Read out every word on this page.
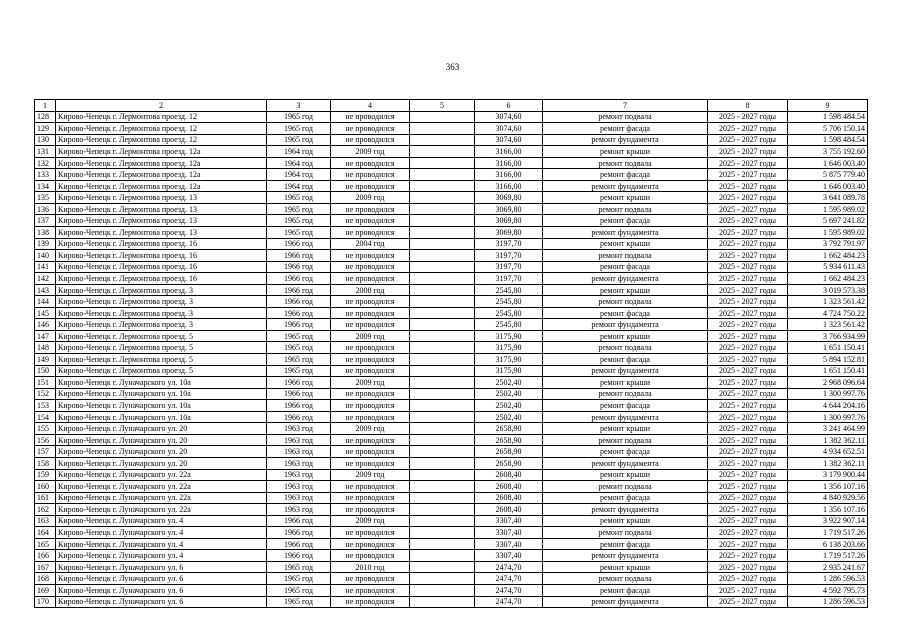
363
1	2	3	4	5	6	7	8	9
128	Кирово-Чепецк г. Лермонтова проезд. 12	1965 год	не проводился		3074,60	ремонт подвала	2025 - 2027 годы	1 598 484.54
129	Кирово-Чепецк г. Лермонтова проезд. 12	1965 год	не проводился		3074,60	ремонт фасада	2025 - 2027 годы	5 706 150.14
130	Кирово-Чепецк г. Лермонтова проезд. 12	1965 год	не проводился		3074,60	ремонт фундамента	2025 - 2027 годы	1 598 484.54
131	Кирово-Чепецк г. Лермонтова проезд. 12а	1964 год	2009 год		3166,00	ремонт крыши	2025 - 2027 годы	3 755 192.60
132	Кирово-Чепецк г. Лермонтова проезд. 12а	1964 год	не проводился		3166,00	ремонт подвала	2025 - 2027 годы	1 646 003.40
133	Кирово-Чепецк г. Лермонтова проезд. 12а	1964 год	не проводился		3166,00	ремонт фасада	2025 - 2027 годы	5 875 779.40
134	Кирово-Чепецк г. Лермонтова проезд. 12а	1964 год	не проводился		3166,00	ремонт фундамента	2025 - 2027 годы	1 646 003.40
135	Кирово-Чепецк г. Лермонтова проезд. 13	1965 год	2009 год		3069,80	ремонт крыши	2025 - 2027 годы	3 641 089.78
136	Кирово-Чепецк г. Лермонтова проезд. 13	1965 год	не проводился		3069,80	ремонт подвала	2025 - 2027 годы	1 595 989.02
137	Кирово-Чепецк г. Лермонтова проезд. 13	1965 год	не проводился		3069,80	ремонт фасада	2025 - 2027 годы	5 697 241.82
138	Кирово-Чепецк г. Лермонтова проезд. 13	1965 год	не проводился		3069,80	ремонт фундамента	2025 - 2027 годы	1 595 989.02
139	Кирово-Чепецк г. Лермонтова проезд. 16	1966 год	2004 год		3197,70	ремонт крыши	2025 - 2027 годы	3 792 791.97
140	Кирово-Чепецк г. Лермонтова проезд. 16	1966 год	не проводился		3197,70	ремонт подвала	2025 - 2027 годы	1 662 484.23
141	Кирово-Чепецк г. Лермонтова проезд. 16	1966 год	не проводился		3197,70	ремонт фасада	2025 - 2027 годы	5 934 611.43
142	Кирово-Чепецк г. Лермонтова проезд. 16	1966 год	не проводился		3197,70	ремонт фундамента	2025 - 2027 годы	1 662 484.23
143	Кирово-Чепецк г. Лермонтова проезд. 3	1966 год	2008 год		2545,80	ремонт крыши	2025 - 2027 годы	3 019 573.38
144	Кирово-Чепецк г. Лермонтова проезд. 3	1966 год	не проводился		2545,80	ремонт подвала	2025 - 2027 годы	1 323 561.42
145	Кирово-Чепецк г. Лермонтова проезд. 3	1966 год	не проводился		2545,80	ремонт фасада	2025 - 2027 годы	4 724 750.22
146	Кирово-Чепецк г. Лермонтова проезд. 3	1966 год	не проводился		2545,80	ремонт фундамента	2025 - 2027 годы	1 323 561.42
147	Кирово-Чепецк г. Лермонтова проезд. 5	1965 год	2009 год		3175,90	ремонт крыши	2025 - 2027 годы	3 766 934.99
148	Кирово-Чепецк г. Лермонтова проезд. 5	1965 год	не проводился		3175,90	ремонт подвала	2025 - 2027 годы	1 651 150.41
149	Кирово-Чепецк г. Лермонтова проезд. 5	1965 год	не проводился		3175,90	ремонт фасада	2025 - 2027 годы	5 894 152.81
150	Кирово-Чепецк г. Лермонтова проезд. 5	1965 год	не проводился		3175,90	ремонт фундамента	2025 - 2027 годы	1 651 150.41
151	Кирово-Чепецк г. Луначарского ул. 10а	1966 год	2009 год		2502,40	ремонт крыши	2025 - 2027 годы	2 968 096.64
152	Кирово-Чепецк г. Луначарского ул. 10а	1966 год	не проводился		2502,40	ремонт подвала	2025 - 2027 годы	1 300 997.76
153	Кирово-Чепецк г. Луначарского ул. 10а	1966 год	не проводился		2502,40	ремонт фасада	2025 - 2027 годы	4 644 204.16
154	Кирово-Чепецк г. Луначарского ул. 10а	1966 год	не проводился		2502,40	ремонт фундамента	2025 - 2027 годы	1 300 997.76
155	Кирово-Чепецк г. Луначарского ул. 20	1963 год	2009 год		2658,90	ремонт крыши	2025 - 2027 годы	3 241 464.99
156	Кирово-Чепецк г. Луначарского ул. 20	1963 год	не проводился		2658,90	ремонт подвала	2025 - 2027 годы	1 382 362.11
157	Кирово-Чепецк г. Луначарского ул. 20	1963 год	не проводился		2658,90	ремонт фасада	2025 - 2027 годы	4 934 652.51
158	Кирово-Чепецк г. Луначарского ул. 20	1963 год	не проводился		2658,90	ремонт фундамента	2025 - 2027 годы	1 382 362.11
159	Кирово-Чепецк г. Луначарского ул. 22а	1963 год	2009 год		2608,40	ремонт крыши	2025 - 2027 годы	3 179 900.44
160	Кирово-Чепецк г. Луначарского ул. 22а	1963 год	не проводился		2608,40	ремонт подвала	2025 - 2027 годы	1 356 107.16
161	Кирово-Чепецк г. Луначарского ул. 22а	1963 год	не проводился		2608,40	ремонт фасада	2025 - 2027 годы	4 840 929.56
162	Кирово-Чепецк г. Луначарского ул. 22а	1963 год	не проводился		2608,40	ремонт фундамента	2025 - 2027 годы	1 356 107.16
163	Кирово-Чепецк г. Луначарского ул. 4	1966 год	2009 год		3307,40	ремонт крыши	2025 - 2027 годы	3 922 907.14
164	Кирово-Чепецк г. Луначарского ул. 4	1966 год	не проводился		3307,40	ремонт подвала	2025 - 2027 годы	1 719 517.26
165	Кирово-Чепецк г. Луначарского ул. 4	1966 год	не проводился		3307,40	ремонт фасада	2025 - 2027 годы	6 138 203.66
166	Кирово-Чепецк г. Луначарского ул. 4	1966 год	не проводился		3307,40	ремонт фундамента	2025 - 2027 годы	1 719 517.26
167	Кирово-Чепецк г. Луначарского ул. 6	1965 год	2010 год		2474,70	ремонт крыши	2025 - 2027 годы	2 935 241.67
168	Кирово-Чепецк г. Луначарского ул. 6	1965 год	не проводился		2474,70	ремонт подвала	2025 - 2027 годы	1 286 596.53
169	Кирово-Чепецк г. Луначарского ул. 6	1965 год	не проводился		2474,70	ремонт фасада	2025 - 2027 годы	4 592 795.73
170	Кирово-Чепецк г. Луначарского ул. 6	1965 год	не проводился		2474,70	ремонт фундамента	2025 - 2027 годы	1 286 596.53
